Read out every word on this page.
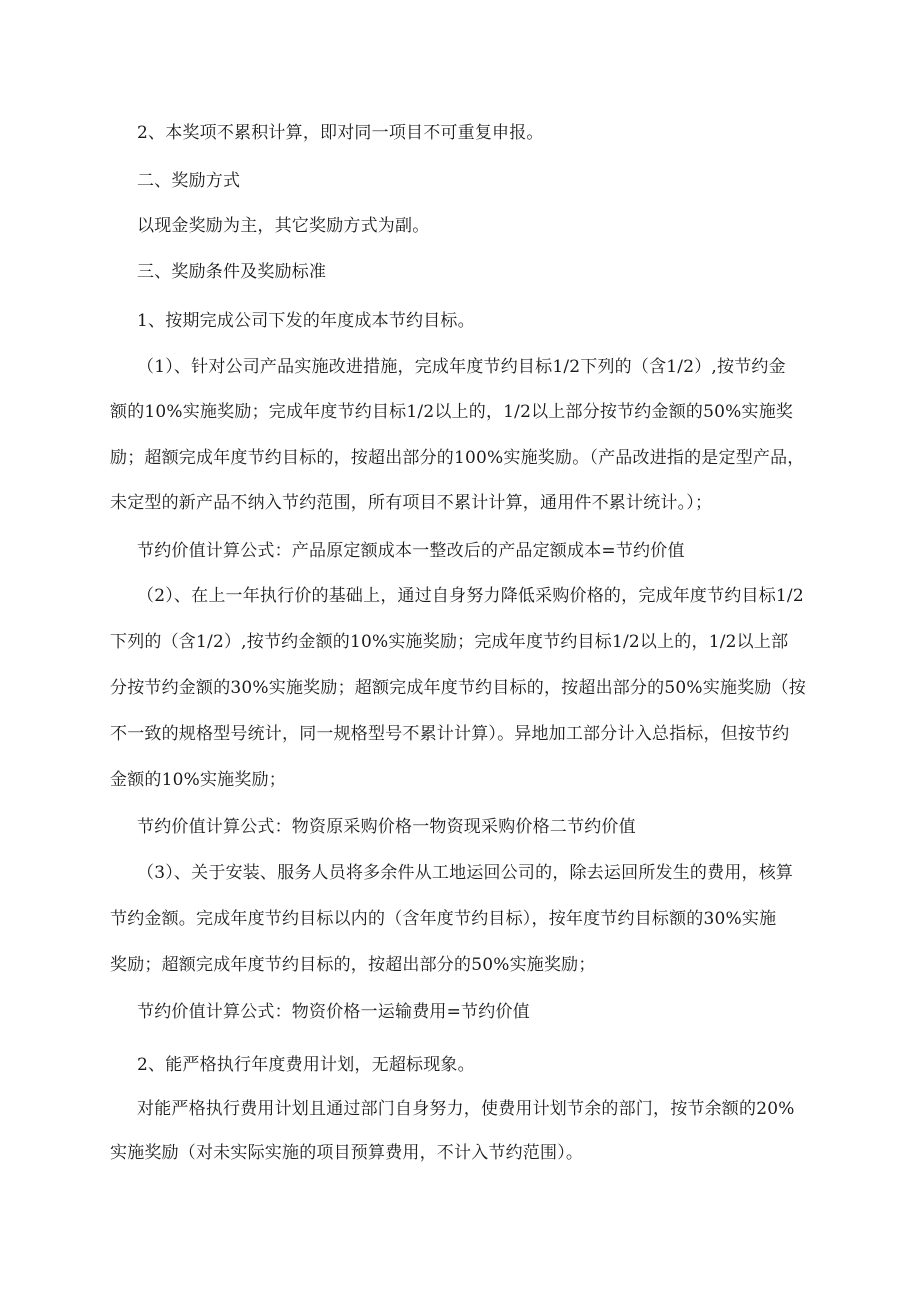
2、本奖项不累积计算，即对同一项目不可重复申报。
二、奖励方式
以现金奖励为主，其它奖励方式为副。
三、奖励条件及奖励标准
1、按期完成公司下发的年度成本节约目标。
（1）、针对公司产品实施改进措施，完成年度节约目标1/2下列的（含1/2）,按节约金
额的10%实施奖励；完成年度节约目标1/2以上的，1/2以上部分按节约金额的50%实施奖
励；超额完成年度节约目标的，按超出部分的100%实施奖励。（产品改进指的是定型产品，
未定型的新产品不纳入节约范围，所有项目不累计计算，通用件不累计统计。）；
节约价值计算公式：产品原定额成本一整改后的产品定额成本=节约价值
（2）、在上一年执行价的基础上，通过自身努力降低采购价格的，完成年度节约目标1/2
下列的（含1/2）,按节约金额的10%实施奖励；完成年度节约目标1/2以上的，1/2以上部
分按节约金额的30%实施奖励；超额完成年度节约目标的，按超出部分的50%实施奖励（按
不一致的规格型号统计，同一规格型号不累计计算）。异地加工部分计入总指标，但按节约
金额的10%实施奖励；
节约价值计算公式：物资原采购价格一物资现采购价格二节约价值
（3）、关于安装、服务人员将多余件从工地运回公司的，除去运回所发生的费用，核算
节约金额。完成年度节约目标以内的（含年度节约目标），按年度节约目标额的30%实施
奖励；超额完成年度节约目标的，按超出部分的50%实施奖励；
节约价值计算公式：物资价格一运输费用=节约价值
2、能严格执行年度费用计划，无超标现象。
对能严格执行费用计划且通过部门自身努力，使费用计划节余的部门，按节余额的20%
实施奖励（对未实际实施的项目预算费用，不计入节约范围）。
